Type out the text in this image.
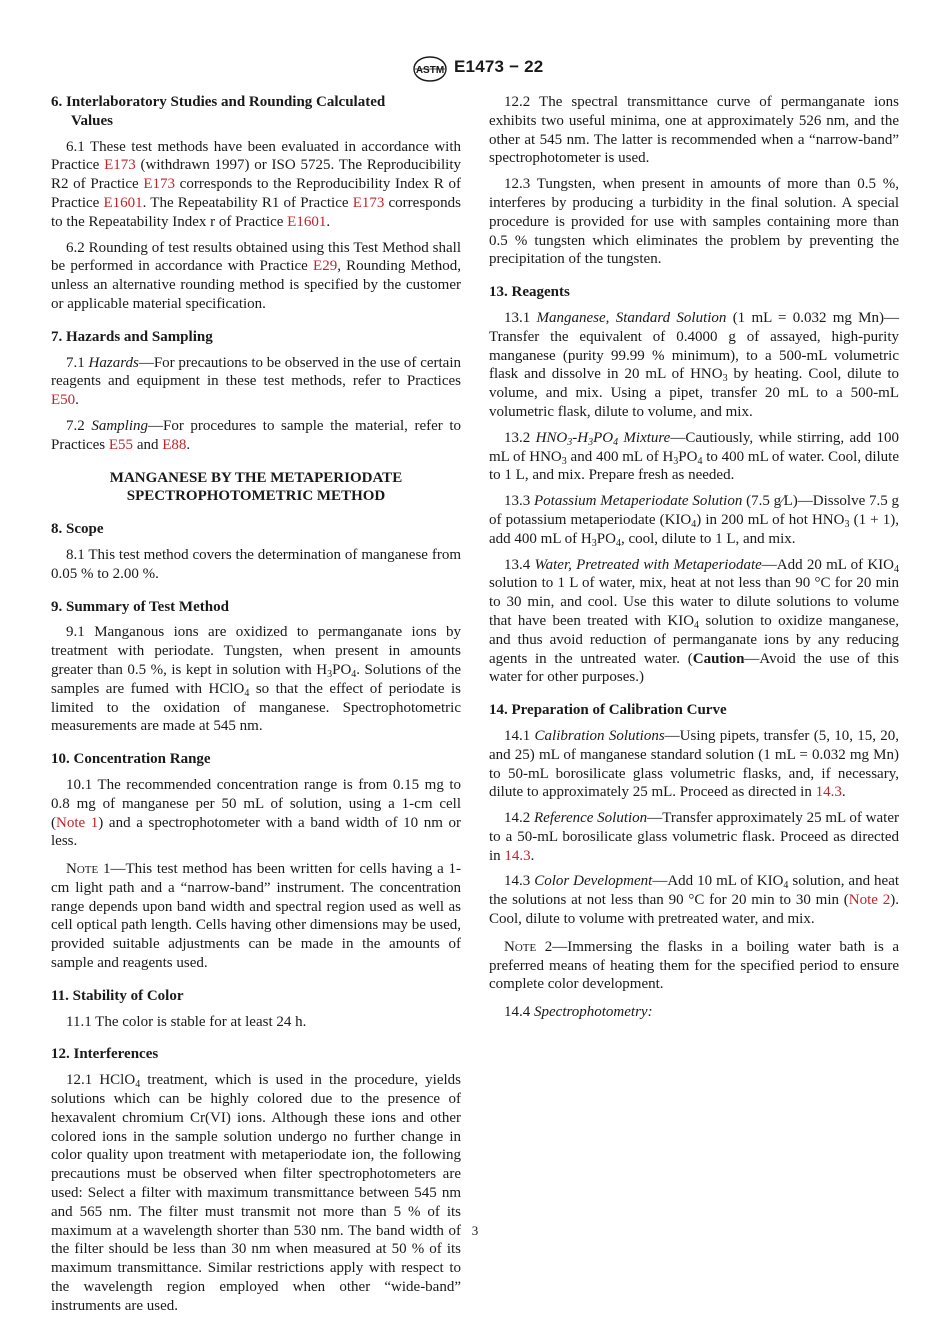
ASTM E1473 − 22
6. Interlaboratory Studies and Rounding Calculated
Values

6.1 These test methods have been evaluated in accordance with Practice E173 (withdrawn 1997) or ISO 5725. The Reproducibility R2 of Practice E173 corresponds to the Reproducibility Index R of Practice E1601. The Repeatability R1 of Practice E173 corresponds to the Repeatability Index r of Practice E1601.

6.2 Rounding of test results obtained using this Test Method shall be performed in accordance with Practice E29, Rounding Method, unless an alternative rounding method is specified by the customer or applicable material specification.

7. Hazards and Sampling

7.1 Hazards—For precautions to be observed in the use of certain reagents and equipment in these test methods, refer to Practices E50.

7.2 Sampling—For procedures to sample the material, refer to Practices E55 and E88.

MANGANESE BY THE METAPERIODATE
SPECTROPHOTOMETRIC METHOD
8. Scope

8.1 This test method covers the determination of manganese from 0.05 % to 2.00 %.

9. Summary of Test Method

9.1 Manganous ions are oxidized to permanganate ions by treatment with periodate. Tungsten, when present in amounts greater than 0.5 %, is kept in solution with $H_3PO_4$. Solutions of the samples are fumed with HClO$_4$ so that the effect of periodate is limited to the oxidation of manganese. Spectrophotometric measurements are made at 545 nm.

10. Concentration Range

10.1 The recommended concentration range is from 0.15 mg to 0.8 mg of manganese per 50 mL of solution, using a 1-cm cell (Note 1) and a spectrophotometer with a band width of 10 nm or less.

Note 1—This test method has been written for cells having a 1-cm light path and a “narrow-band” instrument. The concentration range depends upon band width and spectral region used as well as cell optical path length. Cells having other dimensions may be used, provided suitable adjustments can be made in the amounts of sample and reagents used.

11. Stability of Color

11.1 The color is stable for at least 24 h.

12. Interferences

12.1 HClO$_4$ treatment, which is used in the procedure, yields solutions which can be highly colored due to the presence of hexavalent chromium Cr(VI) ions. Although these ions and other colored ions in the sample solution undergo no further change in color quality upon treatment with metaperiodate ion, the following precautions must be observed when filter spectrophotometers are used: Select a filter with maximum transmittance between 545 nm and 565 nm. The filter must transmit not more than 5 % of its maximum at a wavelength shorter than 530 nm. The band width of the filter should be less than 30 nm when measured at 50 % of its maximum transmittance. Similar restrictions apply with respect to the wavelength region employed when other “wide-band” instruments are used.

12.2 The spectral transmittance curve of permanganate ions exhibits two useful minima, one at approximately 526 nm, and the other at 545 nm. The latter is recommended when a “narrow-band” spectrophotometer is used.

12.3 Tungsten, when present in amounts of more than 0.5 %, interferes by producing a turbidity in the final solution. A special procedure is provided for use with samples containing more than 0.5 % tungsten which eliminates the problem by preventing the precipitation of the tungsten.

13. Reagents

13.1 Manganese, Standard Solution (1 mL = 0.032 mg Mn)—Transfer the equivalent of 0.4000 g of assayed, high-purity manganese (purity 99.99 % minimum), to a 500-mL volumetric flask and dissolve in 20 mL of $HNO_3$ by heating. Cool, dilute to volume, and mix. Using a pipet, transfer 20 mL to a 500-mL volumetric flask, dilute to volume, and mix.

13.2 $HNO_3-H_3PO_4$ Mixture—Cautiously, while stirring, add 100 mL of $HNO_3$ and 400 mL of $H_3PO_4$ to 400 mL of water. Cool, dilute to 1 L, and mix. Prepare fresh as needed.

13.3 Potassium Metaperiodate Solution (7.5 g∕L)—Dissolve 7.5 g of potassium metaperiodate $(KIO_4)$ in 200 mL of hot $HNO_3$ (1 + 1), add 400 mL of $H_3PO_4$, cool, dilute to 1 L, and mix.

13.4 Water, Pretreated with Metaperiodate—Add 20 mL of $KIO_4$ solution to 1 L of water, mix, heat at not less than 90 °C for 20 min to 30 min, and cool. Use this water to dilute solutions to volume that have been treated with $KIO_4$ solution to oxidize manganese, and thus avoid reduction of permanganate ions by any reducing agents in the untreated water. (Caution—Avoid the use of this water for other purposes.)

14. Preparation of Calibration Curve

14.1 Calibration Solutions—Using pipets, transfer (5, 10, 15, 20, and 25) mL of manganese standard solution (1 mL = 0.032 mg Mn) to 50-mL borosilicate glass volumetric flasks, and, if necessary, dilute to approximately 25 mL. Proceed as directed in 14.3.

14.2 Reference Solution—Transfer approximately 25 mL of water to a 50-mL borosilicate glass volumetric flask. Proceed as directed in 14.3.

14.3 Color Development—Add 10 mL of $KIO_4$ solution, and heat the solutions at not less than 90 °C for 20 min to 30 min (Note 2). Cool, dilute to volume with pretreated water, and mix.

Note 2—Immersing the flasks in a boiling water bath is a preferred means of heating them for the specified period to ensure complete color development.

14.4 Spectrophotometry:

3
